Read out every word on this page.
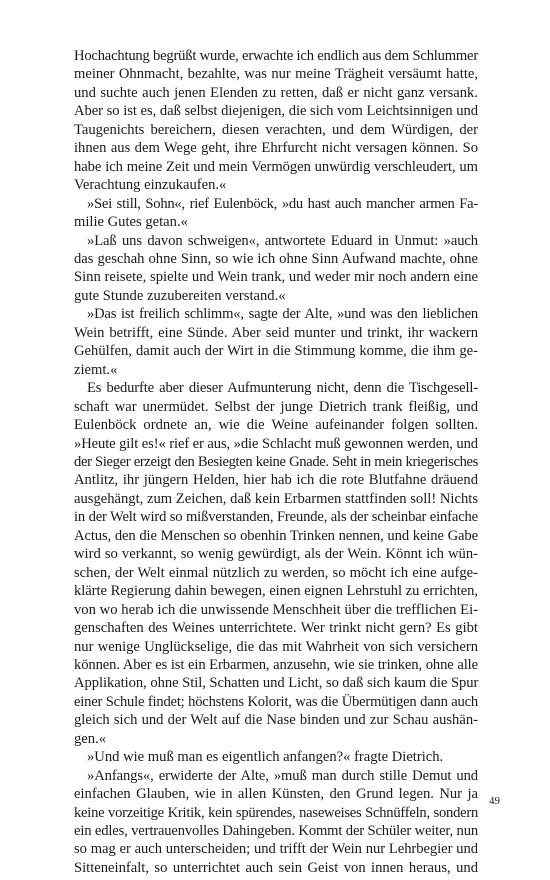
Hochachtung begrüßt wurde, erwachte ich endlich aus dem Schlummer
meiner Ohnmacht, bezahlte, was nur meine Trägheit versäumt hatte,
und suchte auch jenen Elenden zu retten, daß er nicht ganz versank.
Aber so ist es, daß selbst diejenigen, die sich vom Leichtsinnigen und
Taugenichts bereichern, diesen verachten, und dem Würdigen, der
ihnen aus dem Wege geht, ihre Ehrfurcht nicht versagen können. So
habe ich meine Zeit und mein Vermögen unwürdig verschleudert, um
Verachtung einzukaufen.«
»Sei still, Sohn«, rief Eulenböck, »du hast auch mancher armen Fa-
milie Gutes getan.«
»Laß uns davon schweigen«, antwortete Eduard in Unmut: »auch
das geschah ohne Sinn, so wie ich ohne Sinn Aufwand machte, ohne
Sinn reisete, spielte und Wein trank, und weder mir noch andern eine
gute Stunde zuzubereiten verstand.«
»Das ist freilich schlimm«, sagte der Alte, »und was den lieblichen
Wein betrifft, eine Sünde. Aber seid munter und trinkt, ihr wackern
Gehülfen, damit auch der Wirt in die Stimmung komme, die ihm ge-
ziemt.«
Es bedurfte aber dieser Aufmunterung nicht, denn die Tischgesell-
schaft war unermüdet. Selbst der junge Dietrich trank fleißig, und
Eulenböck ordnete an, wie die Weine aufeinander folgen sollten.
»Heute gilt es!« rief er aus, »die Schlacht muß gewonnen werden, und
der Sieger erzeigt den Besiegten keine Gnade. Seht in mein kriegerisches
Antlitz, ihr jüngern Helden, hier hab ich die rote Blutfahne dräuend
ausgehängt, zum Zeichen, daß kein Erbarmen stattfinden soll! Nichts
in der Welt wird so mißverstanden, Freunde, als der scheinbar einfache
Actus, den die Menschen so obenhin Trinken nennen, und keine Gabe
wird so verkannt, so wenig gewürdigt, als der Wein. Könnt ich wün-
schen, der Welt einmal nützlich zu werden, so möcht ich eine aufge-
klärte Regierung dahin bewegen, einen eignen Lehrstuhl zu errichten,
von wo herab ich die unwissende Menschheit über die trefflichen Ei-
genschaften des Weines unterrichtete. Wer trinkt nicht gern? Es gibt
nur wenige Unglückselige, die das mit Wahrheit von sich versichern
können. Aber es ist ein Erbarmen, anzusehn, wie sie trinken, ohne alle
Applikation, ohne Stil, Schatten und Licht, so daß sich kaum die Spur
einer Schule findet; höchstens Kolorit, was die Übermütigen dann auch
gleich sich und der Welt auf die Nase binden und zur Schau aushän-
gen.«
»Und wie muß man es eigentlich anfangen?« fragte Dietrich.
»Anfangs«, erwiderte der Alte, »muß man durch stille Demut und
einfachen Glauben, wie in allen Künsten, den Grund legen. Nur ja
keine vorzeitige Kritik, kein spürendes, naseweises Schnüffeln, sondern
ein edles, vertrauenvolles Dahingeben. Kommt der Schüler weiter, nun
so mag er auch unterscheiden; und trifft der Wein nur Lehrbegier und
Sitteneinfalt, so unterrichtet auch sein Geist von innen heraus, und
49
